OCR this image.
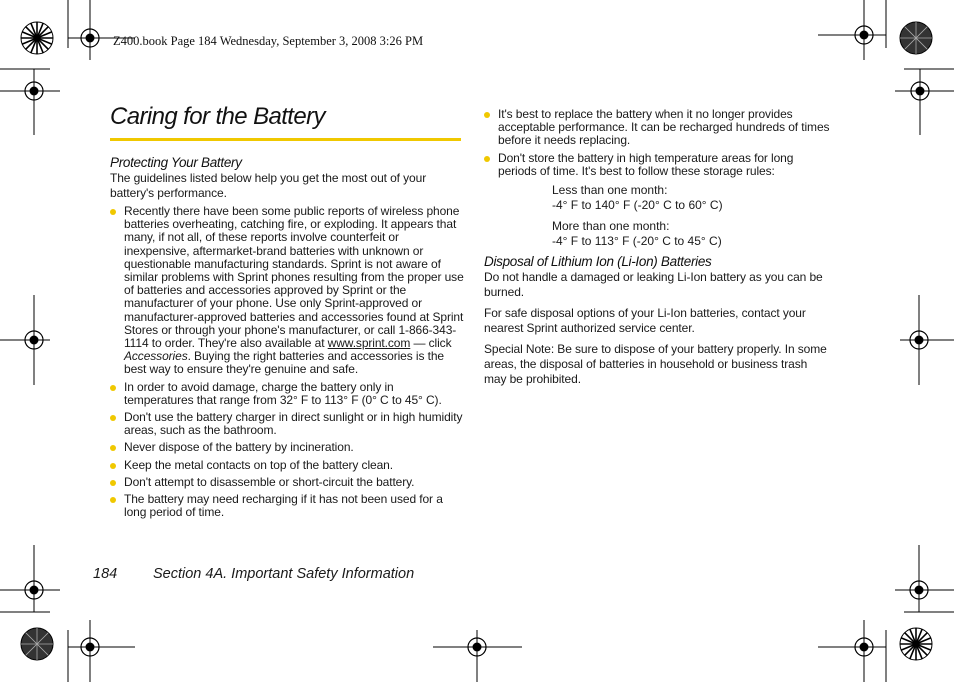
Z400.book Page 184 Wednesday, September 3, 2008 3:26 PM
Caring for the Battery
Protecting Your Battery
The guidelines listed below help you get the most out of your battery's performance.
Recently there have been some public reports of wireless phone batteries overheating, catching fire, or exploding. It appears that many, if not all, of these reports involve counterfeit or inexpensive, aftermarket-brand batteries with unknown or questionable manufacturing standards. Sprint is not aware of similar problems with Sprint phones resulting from the proper use of batteries and accessories approved by Sprint or the manufacturer of your phone. Use only Sprint-approved or manufacturer-approved batteries and accessories found at Sprint Stores or through your phone's manufacturer, or call 1-866-343-1114 to order. They're also available at www.sprint.com — click Accessories. Buying the right batteries and accessories is the best way to ensure they're genuine and safe.
In order to avoid damage, charge the battery only in temperatures that range from 32° F to 113° F (0° C to 45° C).
Don't use the battery charger in direct sunlight or in high humidity areas, such as the bathroom.
Never dispose of the battery by incineration.
Keep the metal contacts on top of the battery clean.
Don't attempt to disassemble or short-circuit the battery.
The battery may need recharging if it has not been used for a long period of time.
It's best to replace the battery when it no longer provides acceptable performance. It can be recharged hundreds of times before it needs replacing.
Don't store the battery in high temperature areas for long periods of time. It's best to follow these storage rules:
Less than one month:
-4° F to 140° F (-20° C to 60° C)
More than one month:
-4° F to 113° F (-20° C to 45° C)
Disposal of Lithium Ion (Li-Ion) Batteries
Do not handle a damaged or leaking Li-Ion battery as you can be burned.
For safe disposal options of your Li-Ion batteries, contact your nearest Sprint authorized service center.
Special Note: Be sure to dispose of your battery properly. In some areas, the disposal of batteries in household or business trash may be prohibited.
184 Section 4A. Important Safety Information
